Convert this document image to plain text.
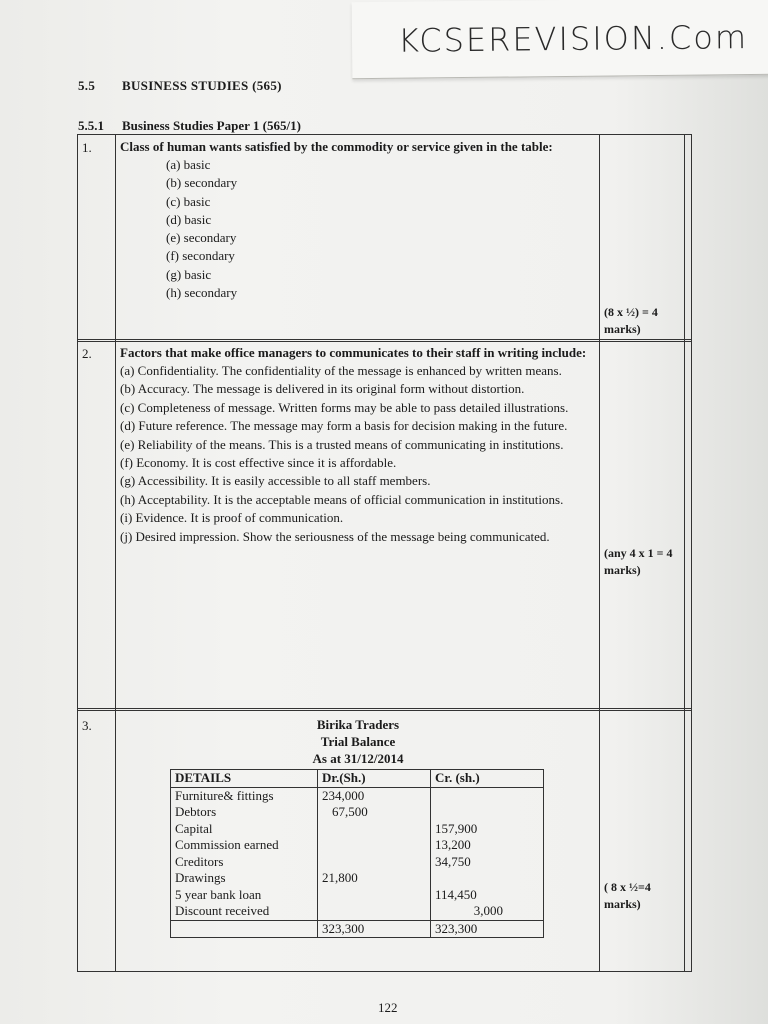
KCSEREVISION.Com
5.5 BUSINESS STUDIES (565)
5.5.1 Business Studies Paper 1 (565/1)
1. Class of human wants satisfied by the commodity or service given in the table:
(a) basic
(b) secondary
(c) basic
(d) basic
(e) secondary
(f) secondary
(g) basic
(h) secondary
(8 x ½) = 4 marks)
2. Factors that make office managers to communicates to their staff in writing include:
(a) Confidentiality. The confidentiality of the message is enhanced by written means.
(b) Accuracy. The message is delivered in its original form without distortion.
(c) Completeness of message. Written forms may be able to pass detailed illustrations.
(d) Future reference. The message may form a basis for decision making in the future.
(e) Reliability of the means. This is a trusted means of communicating in institutions.
(f) Economy. It is cost effective since it is affordable.
(g) Accessibility. It is easily accessible to all staff members.
(h) Acceptability. It is the acceptable means of official communication in institutions.
(i) Evidence. It is proof of communication.
(j) Desired impression. Show the seriousness of the message being communicated.
(any 4 x 1 = 4 marks)
3.	Birika Traders
Trial Balance
As at 31/12/2014
DETAILS	Dr.(Sh.)	Cr. (sh.)
Furniture& fittings	234,000	
Debtors	67,500	
Capital		157,900
Commission earned		13,200
Creditors		34,750
Drawings	21,800	
5 year bank loan		114,450
Discount received		3,000
	323,300	323,300
( 8 x ½=4 marks)
122
